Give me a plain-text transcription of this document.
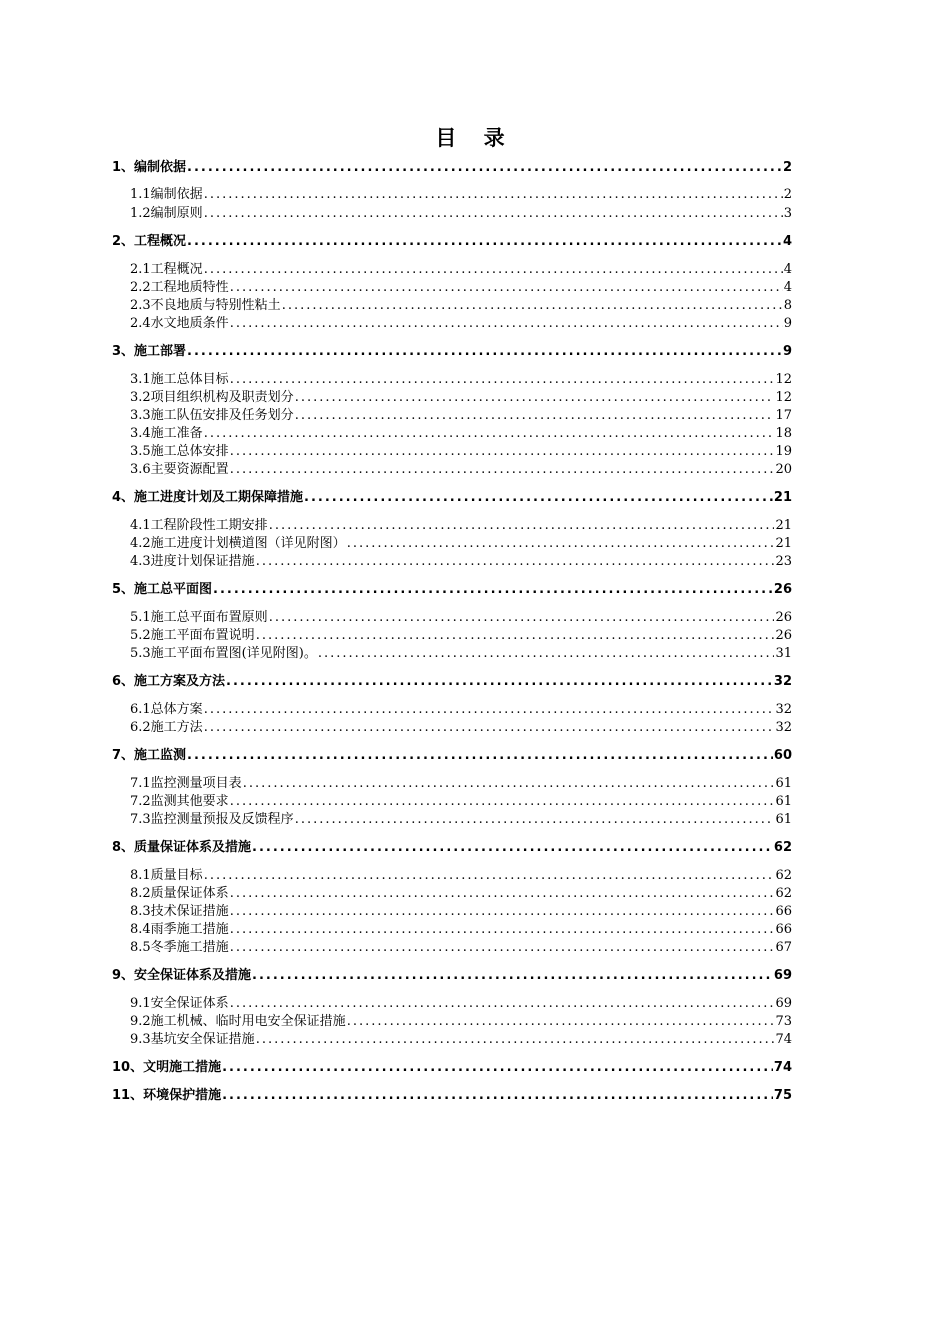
目 录
1、编制依据 .....	2
1.1编制依据 .....	2
1.2编制原则 .....	3
2、工程概况 .....	4
2.1工程概况 .....	4
2.2工程地质特性 .....	4
2.3不良地质与特别性粘土 .....	8
2.4水文地质条件 .....	9
3、施工部署 .....	9
3.1施工总体目标 .....	12
3.2项目组织机构及职责划分 .....	12
3.3施工队伍安排及任务划分 .....	17
3.4施工准备 .....	18
3.5施工总体安排 .....	19
3.6主要资源配置 .....	20
4、施工进度计划及工期保障措施 .....	21
4.1工程阶段性工期安排 .....	21
4.2施工进度计划横道图（详见附图） .....	21
4.3进度计划保证措施 .....	23
5、施工总平面图 .....	26
5.1施工总平面布置原则 .....	26
5.2施工平面布置说明 .....	26
5.3施工平面布置图(详见附图)。 .....	31
6、施工方案及方法 .....	32
6.1总体方案 .....	32
6.2施工方法 .....	32
7、施工监测 .....	60
7.1监控测量项目表 .....	61
7.2监测其他要求 .....	61
7.3监控测量预报及反馈程序 .....	61
8、质量保证体系及措施 .....	62
8.1质量目标 .....	62
8.2质量保证体系 .....	62
8.3技术保证措施 .....	66
8.4雨季施工措施 .....	66
8.5冬季施工措施 .....	67
9、安全保证体系及措施 .....	69
9.1安全保证体系 .....	69
9.2施工机械、临时用电安全保证措施 .....	73
9.3基坑安全保证措施 .....	74
10、文明施工措施 .....	74
11、环境保护措施 .....	75
